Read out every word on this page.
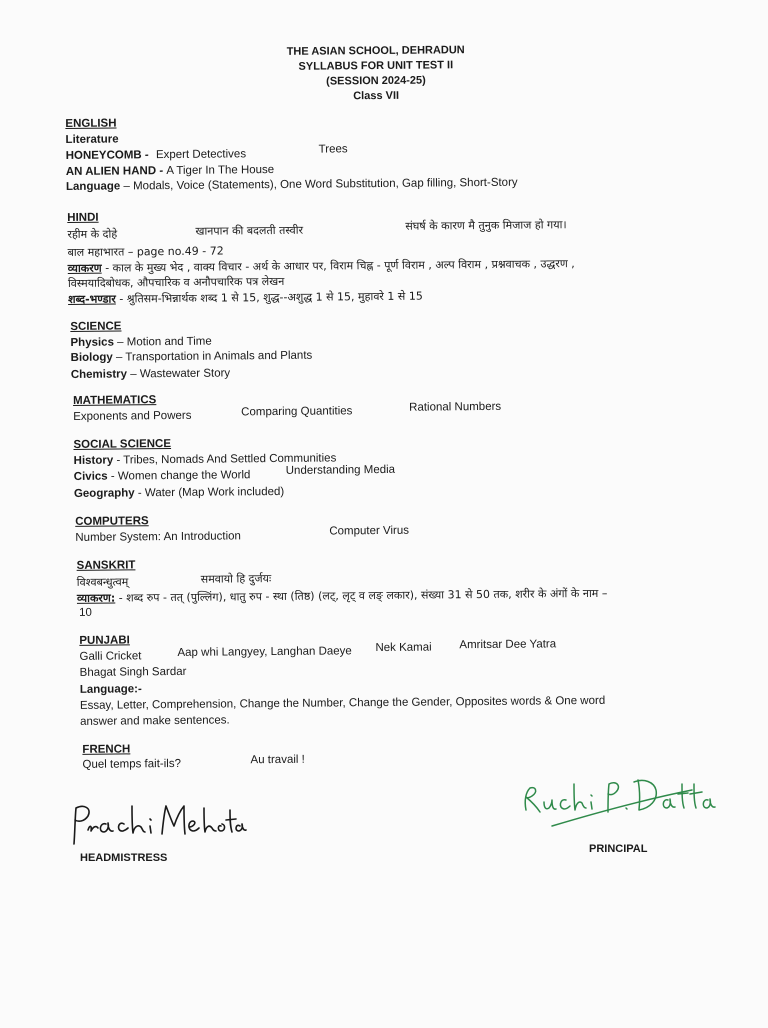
THE ASIAN SCHOOL, DEHRADUN
SYLLABUS FOR UNIT TEST II
(SESSION 2024-25)
Class VII
ENGLISH
Literature
HONEYCOMB - Expert Detectives	Trees
AN ALIEN HAND - A Tiger In The House
Language – Modals, Voice (Statements), One Word Substitution, Gap filling, Short-Story
HINDI
रहीम के दोहे	खानपान की बदलती तस्वीर	संघर्ष के कारण मै तुनुक मिजाज हो गया।
बाल महाभारत – page no.49 - 72
व्याकरण - काल के मुख्य भेद , वाक्य विचार - अर्थ के आधार पर, विराम चिह्न - पूर्ण विराम , अल्प विराम , प्रश्नवाचक , उद्धरण ,
विस्मयादिबोधक, औपचारिक व अनौपचारिक पत्र लेखन
शब्द-भण्डार - श्रुतिसम-भिन्नार्थक शब्द 1 से 15, शुद्ध--अशुद्ध 1 से 15, मुहावरे 1 से 15
SCIENCE
Physics – Motion and Time
Biology – Transportation in Animals and Plants
Chemistry – Wastewater Story
MATHEMATICS
Exponents and Powers	Comparing Quantities	Rational Numbers
SOCIAL SCIENCE
History - Tribes, Nomads And Settled Communities
Civics - Women change the World	Understanding Media
Geography - Water (Map Work included)
COMPUTERS
Number System: An Introduction	Computer Virus
SANSKRIT
विश्वबन्धुत्वम्	समवायो हि दुर्जयः
व्याकरण: - शब्द रुप - तत् (पुल्लिंग), धातु रुप - स्था (तिष्ठ) (लट्, लृट् व लङ् लकार), संख्या 31 से 50 तक, शरीर के अंगों के नाम –
10
PUNJABI
Galli Cricket	Aap whi Langyey, Langhan Daeye Nek Kamai Amritsar Dee Yatra
Bhagat Singh Sardar
Language:-
Essay, Letter, Comprehension, Change the Number, Change the Gender, Opposites words & One word
answer and make sentences.
FRENCH
Quel temps fait-ils?	Au travail !
HEADMISTRESS
PRINCIPAL
